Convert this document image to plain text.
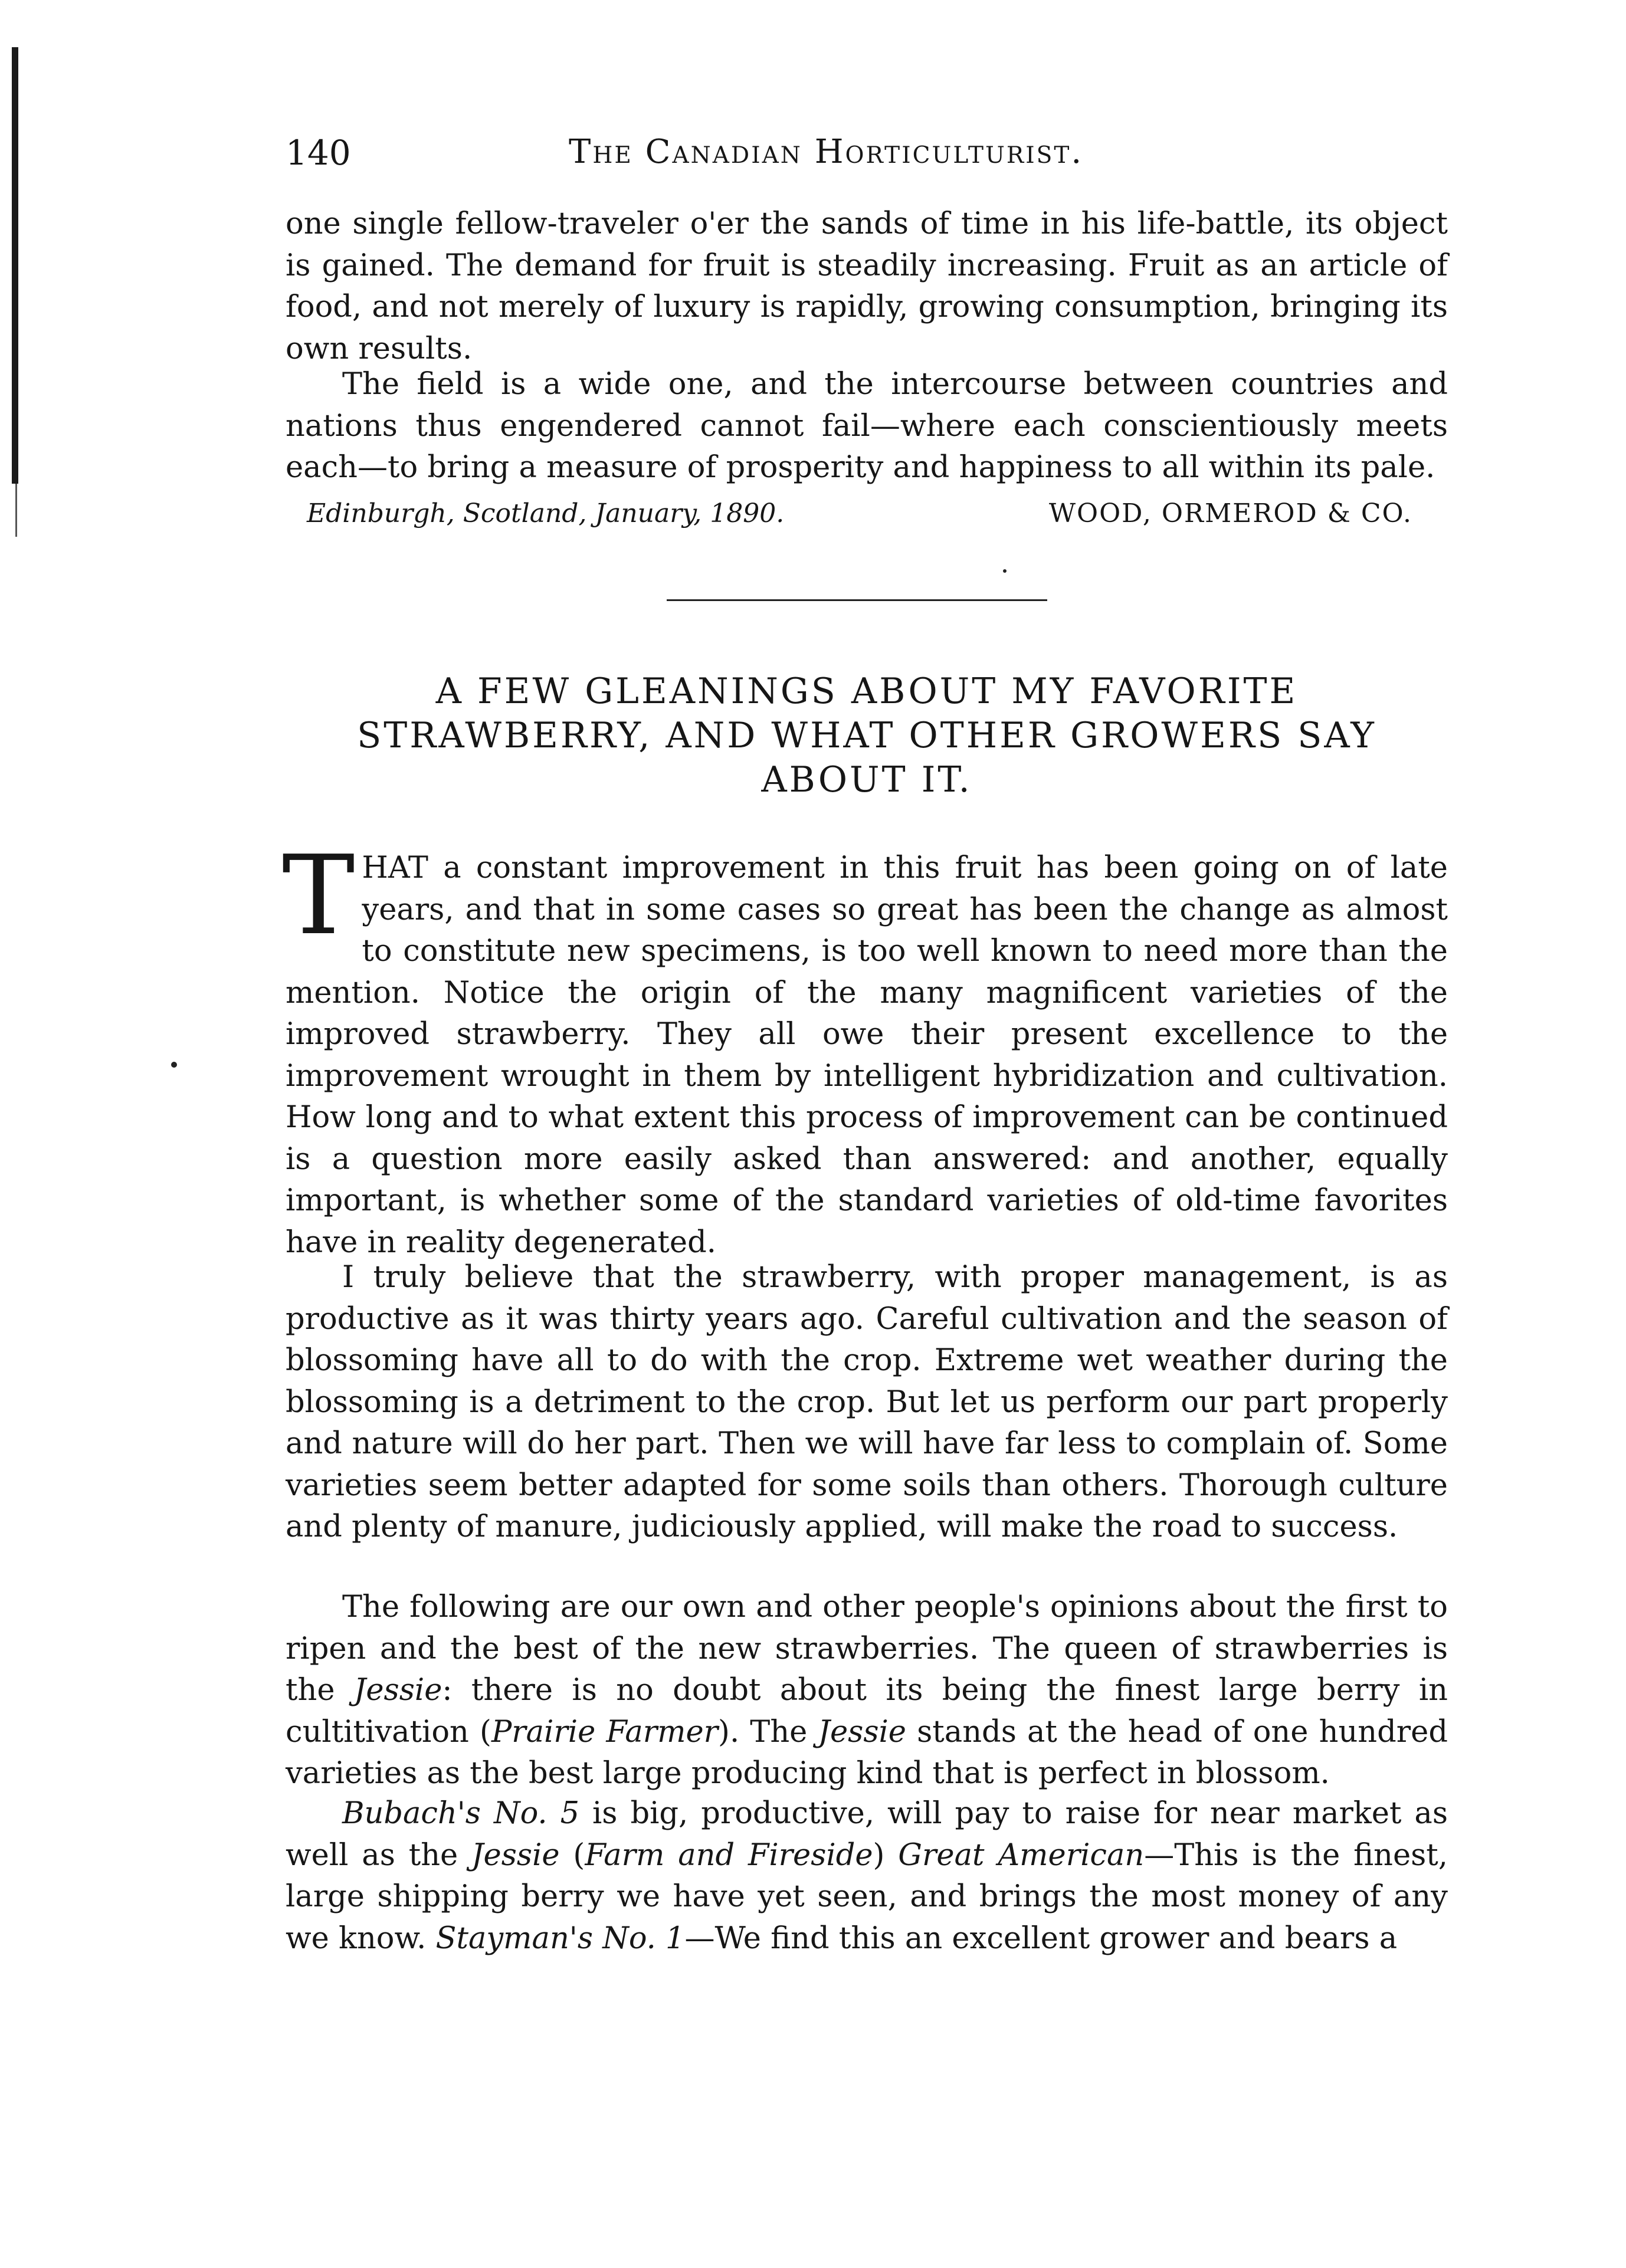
140	The Canadian Horticulturist.

one single fellow-traveler o'er the sands of time in his life-battle, its object is gained. The demand for fruit is steadily increasing. Fruit as an article of food, and not merely of luxury is rapidly, growing consumption, bringing its own results.

The field is a wide one, and the intercourse between countries and nations thus engendered cannot fail—where each conscientiously meets each—to bring a measure of prosperity and happiness to all within its pale.

Edinburgh, Scotland, January, 1890.	WOOD, ORMEROD & CO.
A FEW GLEANINGS ABOUT MY FAVORITE STRAWBERRY, AND WHAT OTHER GROWERS SAY ABOUT IT.

THAT a constant improvement in this fruit has been going on of late years, and that in some cases so great has been the change as almost to constitute new specimens, is too well known to need more than the mention. Notice the origin of the many magnificent varieties of the improved strawberry. They all owe their present excellence to the improvement wrought in them by intelligent hybridization and cultivation. How long and to what extent this process of improvement can be continued is a question more easily asked than answered: and another, equally important, is whether some of the standard varieties of old-time favorites have in reality degenerated.

I truly believe that the strawberry, with proper management, is as productive as it was thirty years ago. Careful cultivation and the season of blossoming have all to do with the crop. Extreme wet weather during the blossoming is a detriment to the crop. But let us perform our part properly and nature will do her part. Then we will have far less to complain of. Some varieties seem better adapted for some soils than others. Thorough culture and plenty of manure, judiciously applied, will make the road to success.

The following are our own and other people's opinions about the first to ripen and the best of the new strawberries. The queen of strawberries is the Jessie: there is no doubt about its being the finest large berry in cultitivation (Prairie Farmer). The Jessie stands at the head of one hundred varieties as the best large producing kind that is perfect in blossom.

Bubach's No. 5 is big, productive, will pay to raise for near market as well as the Jessie (Farm and Fireside) Great American—This is the finest, large shipping berry we have yet seen, and brings the most money of any we know. Stayman's No. 1—We find this an excellent grower and bears a
